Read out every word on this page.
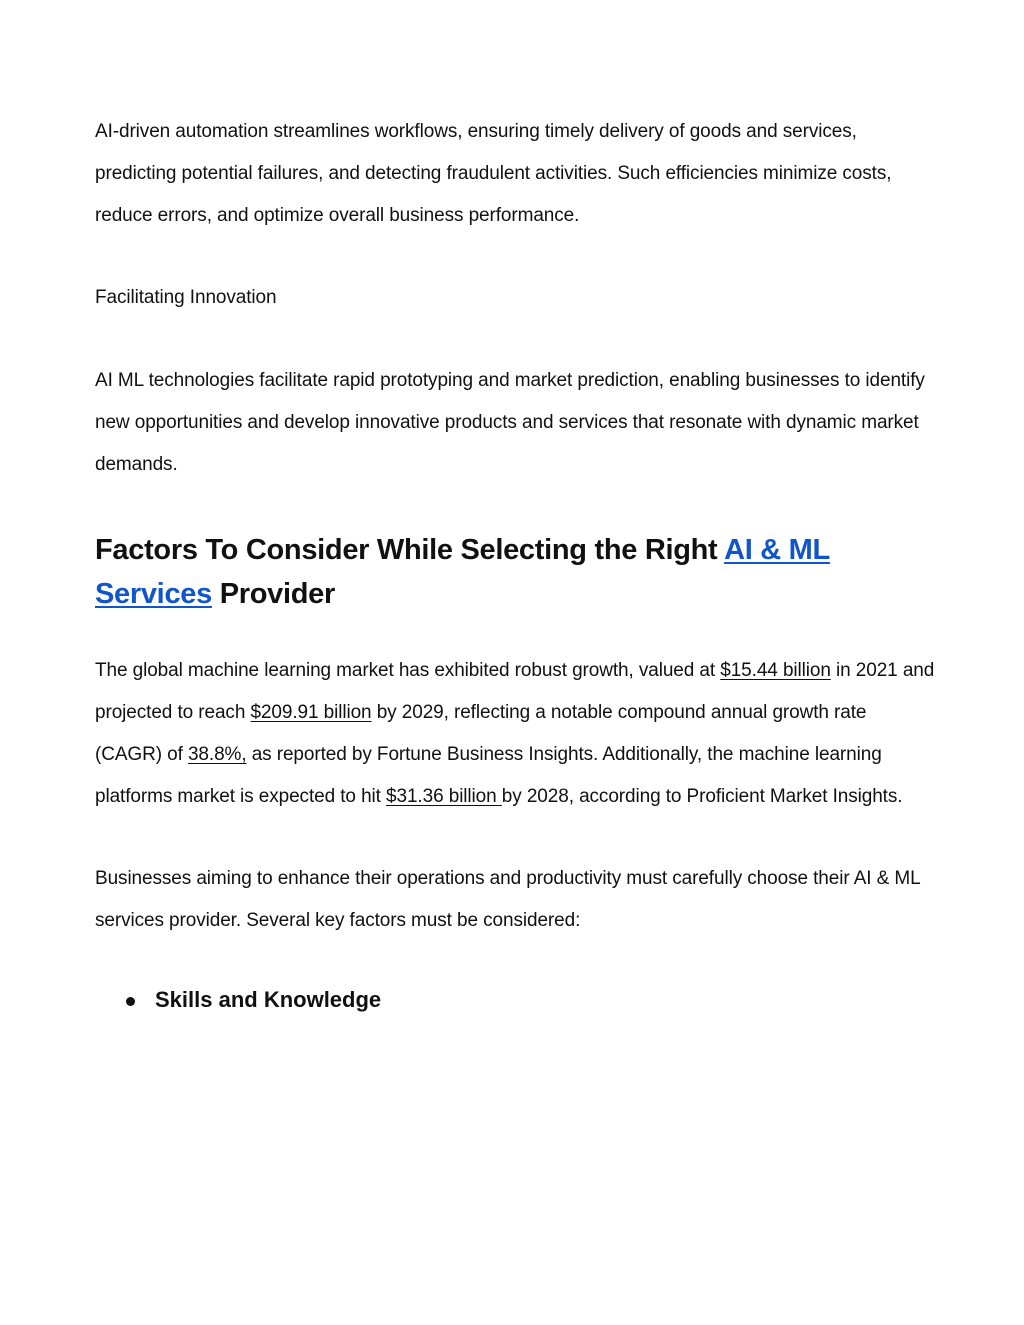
AI-driven automation streamlines workflows, ensuring timely delivery of goods and services, predicting potential failures, and detecting fraudulent activities. Such efficiencies minimize costs, reduce errors, and optimize overall business performance.

Facilitating Innovation

AI ML technologies facilitate rapid prototyping and market prediction, enabling businesses to identify new opportunities and develop innovative products and services that resonate with dynamic market demands.

Factors To Consider While Selecting the Right AI & ML Services Provider

The global machine learning market has exhibited robust growth, valued at $15.44 billion in 2021 and projected to reach $209.91 billion by 2029, reflecting a notable compound annual growth rate (CAGR) of 38.8%, as reported by Fortune Business Insights. Additionally, the machine learning platforms market is expected to hit $31.36 billion by 2028, according to Proficient Market Insights.

Businesses aiming to enhance their operations and productivity must carefully choose their AI & ML services provider. Several key factors must be considered:

Skills and Knowledge
